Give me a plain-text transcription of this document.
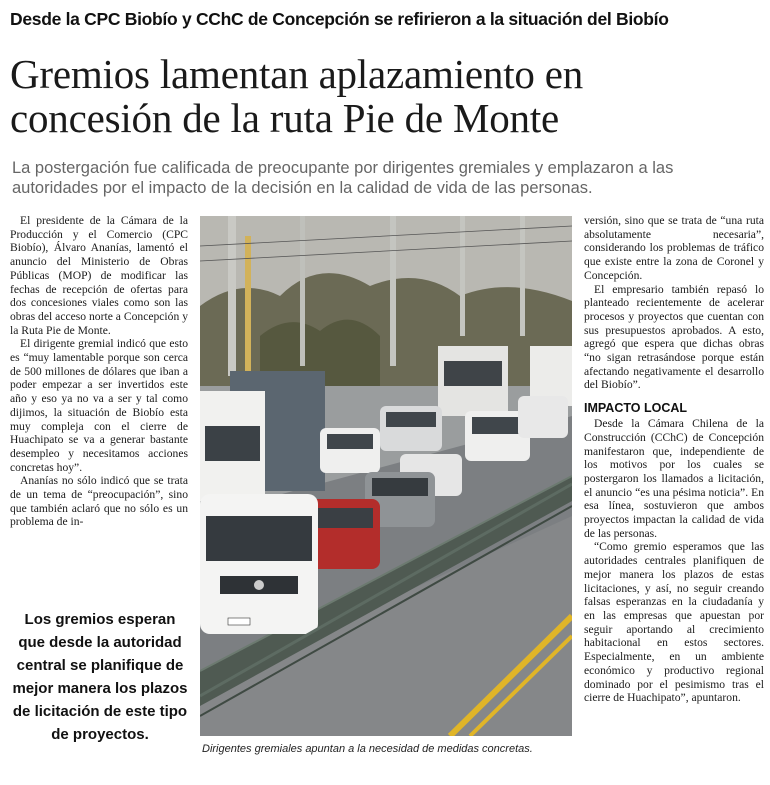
Desde la CPC Biobío y CChC de Concepción se refirieron a la situación del Biobío
Gremios lamentan aplazamiento en
concesión de la ruta Pie de Monte
La postergación fue calificada de preocupante por dirigentes gremiales y emplazaron a las autoridades por el impacto de la decisión en la calidad de vida de las personas.

El presidente de la Cámara de la Producción y el Comercio (CPC Biobío), Álvaro Ananías, lamentó el anuncio del Ministerio de Obras Públicas (MOP) de modificar las fechas de recepción de ofertas para dos concesiones viales como son las obras del acceso norte a Concepción y la Ruta Pie de Monte.

El dirigente gremial indicó que esto es “muy lamentable porque son cerca de 500 millones de dólares que iban a poder empezar a ser invertidos este año y eso ya no va a ser y tal como dijimos, la situación de Biobío esta muy compleja con el cierre de Huachipato se va a generar bastante desempleo y necesitamos acciones concretas hoy”.

Ananías no sólo indicó que se trata de un tema de “preocupación”, sino que también aclaró que no sólo es un problema de in-

Los gremios esperan que desde la autoridad central se planifique de mejor manera los plazos de licitación de este tipo de proyectos.
Dirigentes gremiales apuntan a la necesidad de medidas concretas.

versión, sino que se trata de “una ruta absolutamente necesaria”, considerando los problemas de tráfico que existe entre la zona de Coronel y Concepción.

El empresario también repasó lo planteado recientemente de acelerar procesos y proyectos que cuentan con sus presupuestos aprobados. A esto, agregó que espera que dichas obras “no sigan retrasándose porque están afectando negativamente el desarrollo del Biobío”.

IMPACTO LOCAL

Desde la Cámara Chilena de la Construcción (CChC) de Concepción manifestaron que, independiente de los motivos por los cuales se postergaron los llamados a licitación, el anuncio “es una pésima noticia”. En esa línea, sostuvieron que ambos proyectos impactan la calidad de vida de las personas.

“Como gremio esperamos que las autoridades centrales planifiquen de mejor manera los plazos de estas licitaciones, y así, no seguir creando falsas esperanzas en la ciudadanía y en las empresas que apuestan por seguir aportando al crecimiento habitacional en estos sectores. Especialmente, en un ambiente económico y productivo regional dominado por el pesimismo tras el cierre de Huachipato”, apuntaron.
